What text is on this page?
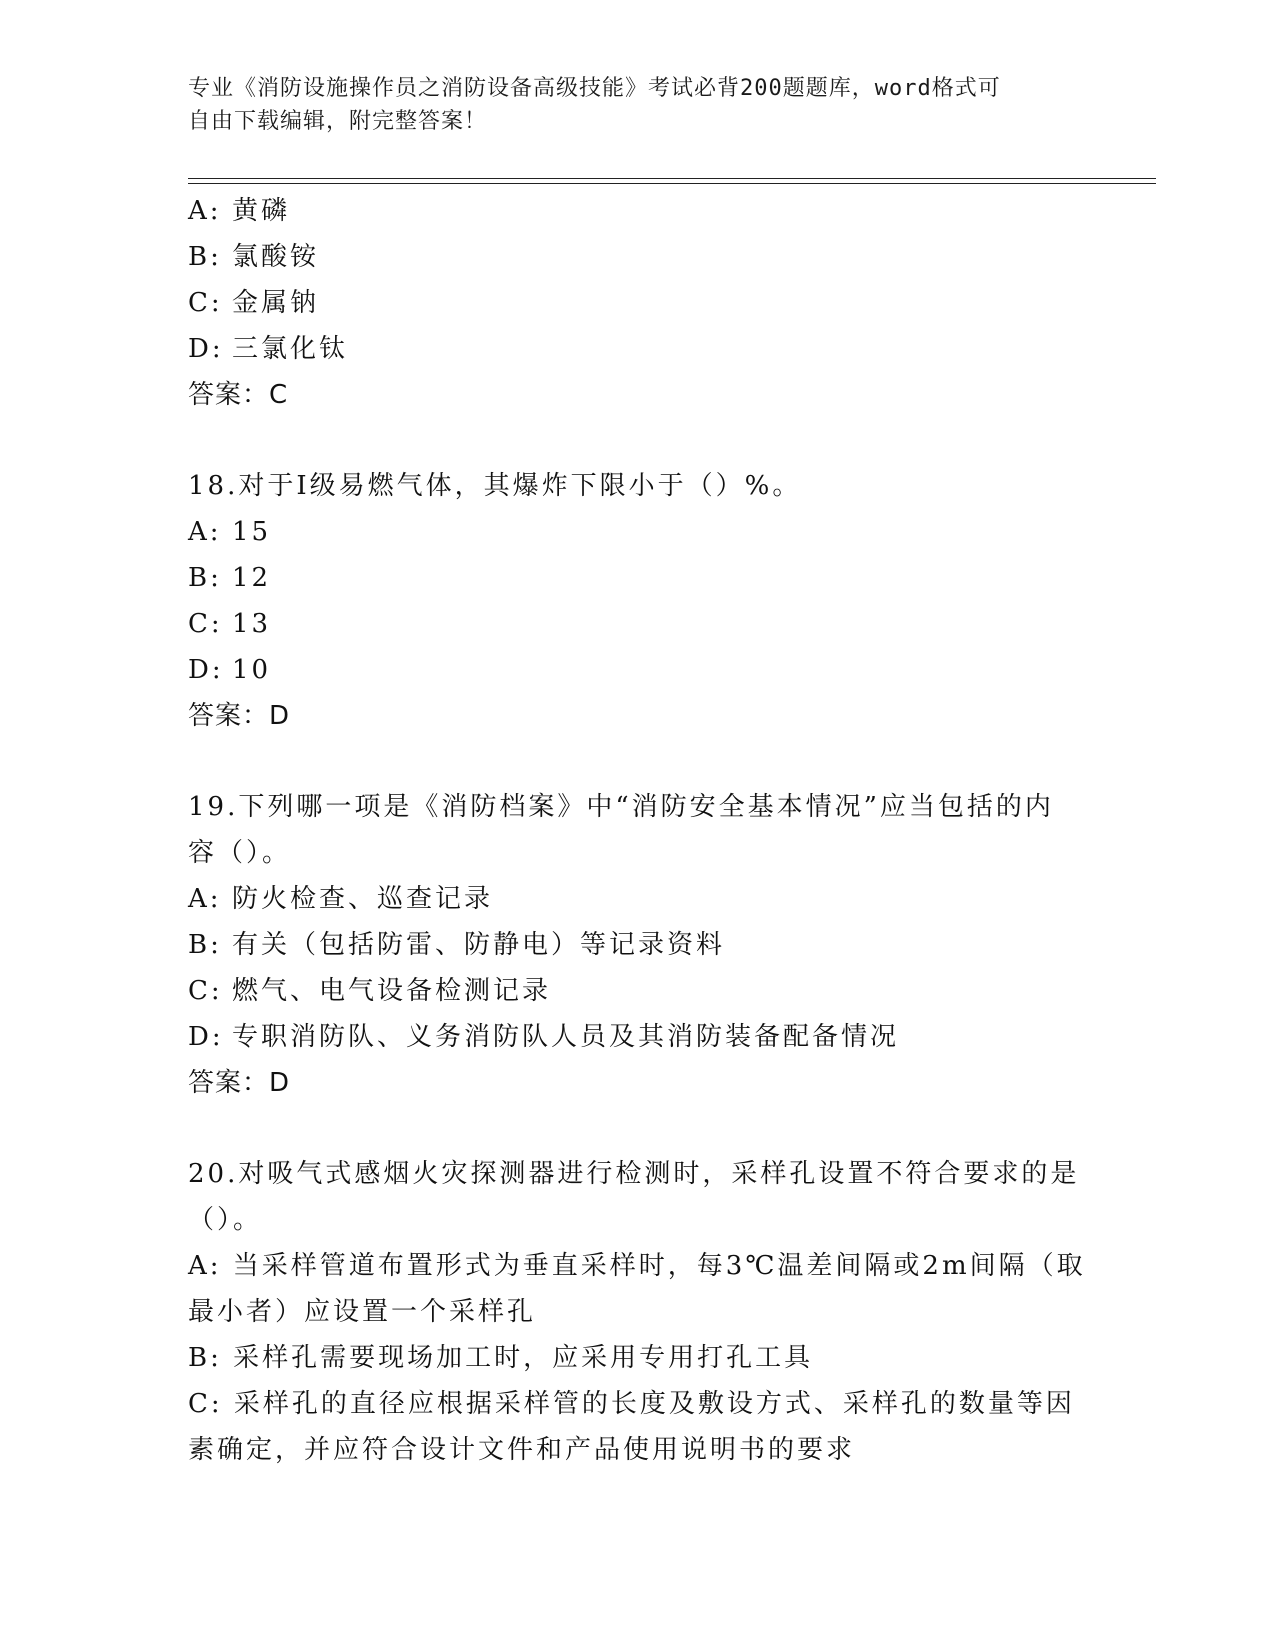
专业《消防设施操作员之消防设备高级技能》考试必背200题题库，word格式可
自由下载编辑，附完整答案！
A: 黄磷
B: 氯酸铵
C: 金属钠
D: 三氯化钛
答案：C
18.对于Ⅰ级易燃气体，其爆炸下限小于（）%。
A: 15
B: 12
C: 13
D: 10
答案：D
19.下列哪一项是《消防档案》中“消防安全基本情况”应当包括的内
容（）。
A: 防火检查、巡查记录
B: 有关（包括防雷、防静电）等记录资料
C: 燃气、电气设备检测记录
D: 专职消防队、义务消防队人员及其消防装备配备情况
答案：D
20.对吸气式感烟火灾探测器进行检测时，采样孔设置不符合要求的是
（）。
A: 当采样管道布置形式为垂直采样时，每3℃温差间隔或2m间隔（取
最小者）应设置一个采样孔
B: 采样孔需要现场加工时，应采用专用打孔工具
C: 采样孔的直径应根据采样管的长度及敷设方式、采样孔的数量等因
素确定，并应符合设计文件和产品使用说明书的要求
